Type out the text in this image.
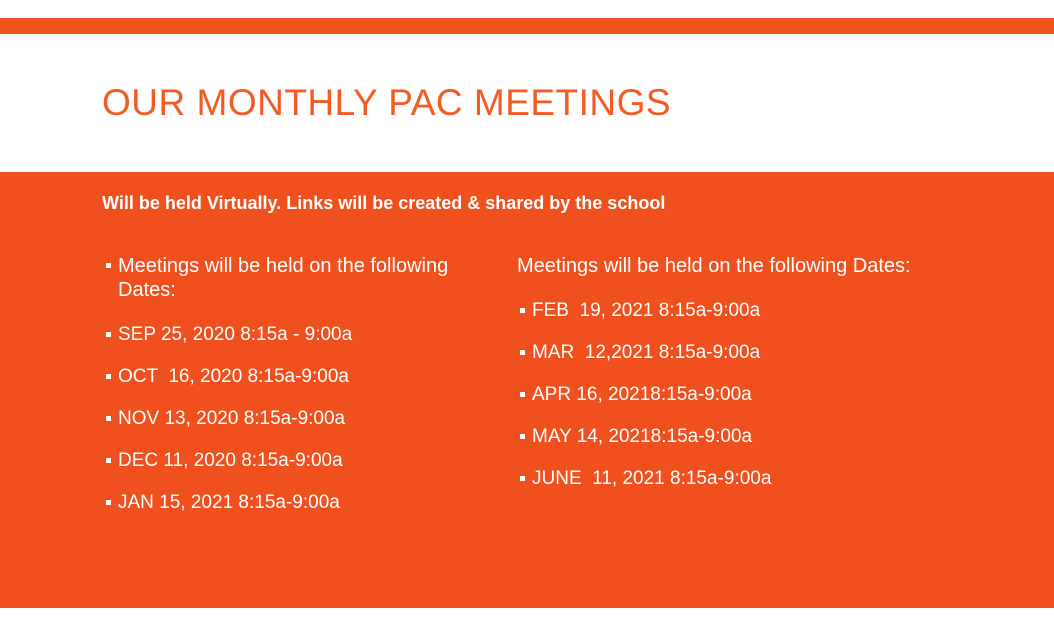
OUR MONTHLY PAC MEETINGS
Will be held Virtually. Links will be created & shared by the school
Meetings will be held on the following Dates:
SEP 25, 2020 8:15a - 9:00a
OCT  16, 2020 8:15a-9:00a
NOV 13, 2020 8:15a-9:00a
DEC 11, 2020 8:15a-9:00a
JAN 15, 2021 8:15a-9:00a
Meetings will be held on the following Dates:
FEB  19, 2021 8:15a-9:00a
MAR  12,2021 8:15a-9:00a
APR 16, 20218:15a-9:00a
MAY 14, 20218:15a-9:00a
JUNE  11, 2021 8:15a-9:00a
